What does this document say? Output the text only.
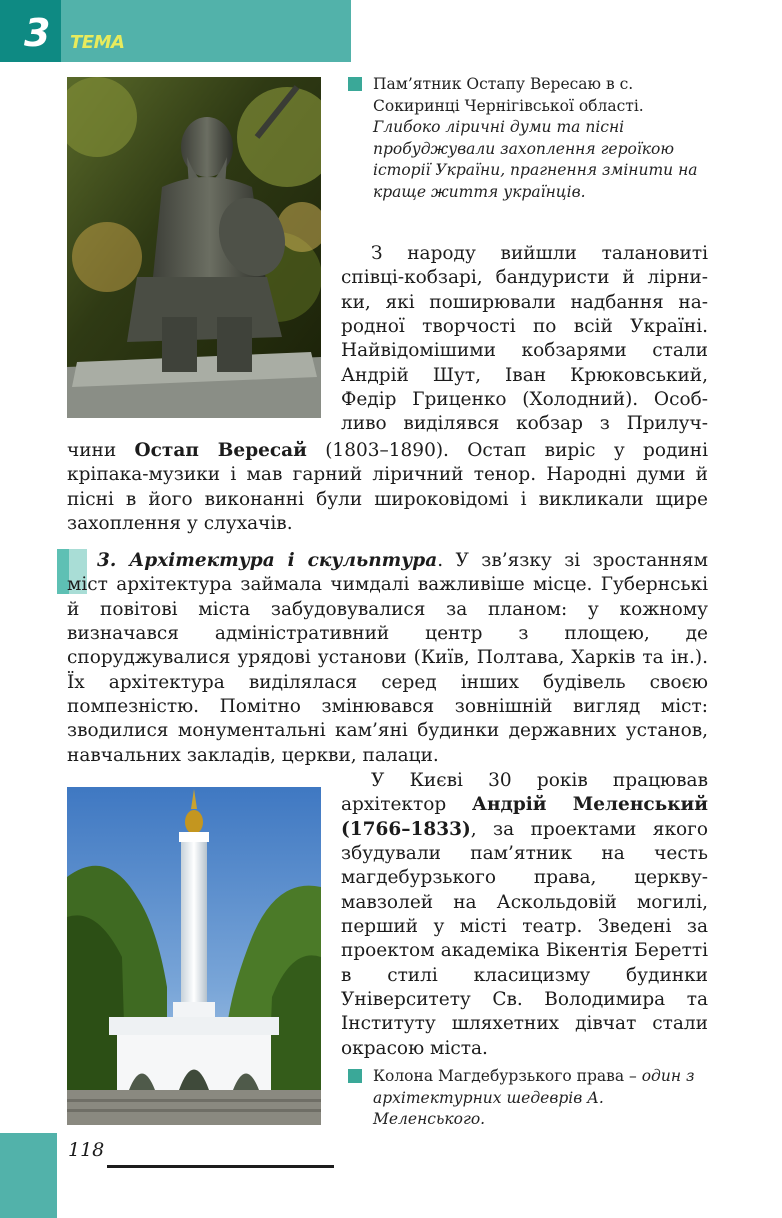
3 ТЕМА
Пам’ятник Остапу Вересаю в с. Сокиринці Чернігівської області. Глибоко ліричні думи та пісні пробуджували захоплення героїкою історії України, прагнення змінити на краще життя українців.
З народу вийшли талановиті
співці-кобзарі, бандуристи й лірни-
ки, які поширювали надбання на-
родної творчості по всій Україні.
Найвідомішими кобзарями стали
Андрій Шут, Іван Крюковський,
Федір Гриценко (Холодний). Особ-
ливо виділявся кобзар з Прилуч-
чини Остап Вересай (1803–1890). Остап виріс у родині кріпака-музики і мав гарний ліричний тенор. Народні думи й пісні в його виконанні були широковідомі і викликали щире захоплення у слухачів.
3. Архітектура і скульптура. У зв’язку зі зростанням міст архітектура займала чимдалі важливіше місце. Губернські й повітові міста забудовувалися за планом: у кожному визначався адміністративний центр з площею, де споруджувалися урядові установи (Київ, Полтава, Харків та ін.). Їх архітектура виділялася серед інших будівель своєю помпезністю. Помітно змінювався зовнішній вигляд міст: зводилися монументальні кам’яні будинки державних установ, навчальних закладів, церкви, палаци.
У Києві 30 років працював архітектор Андрій Меленський (1766–1833), за проектами якого збудували пам’ятник на честь магдебурзького права, церкву-мавзолей на Аскольдовій могилі, перший у місті театр. Зведені за проектом академіка Вікентія Беретті в стилі класицизму будинки Університету Св. Володимира та Інституту шляхетних дівчат стали окрасою міста.
Колона Магдебурзького права – один з архітектурних шедеврів А. Меленського.
118
